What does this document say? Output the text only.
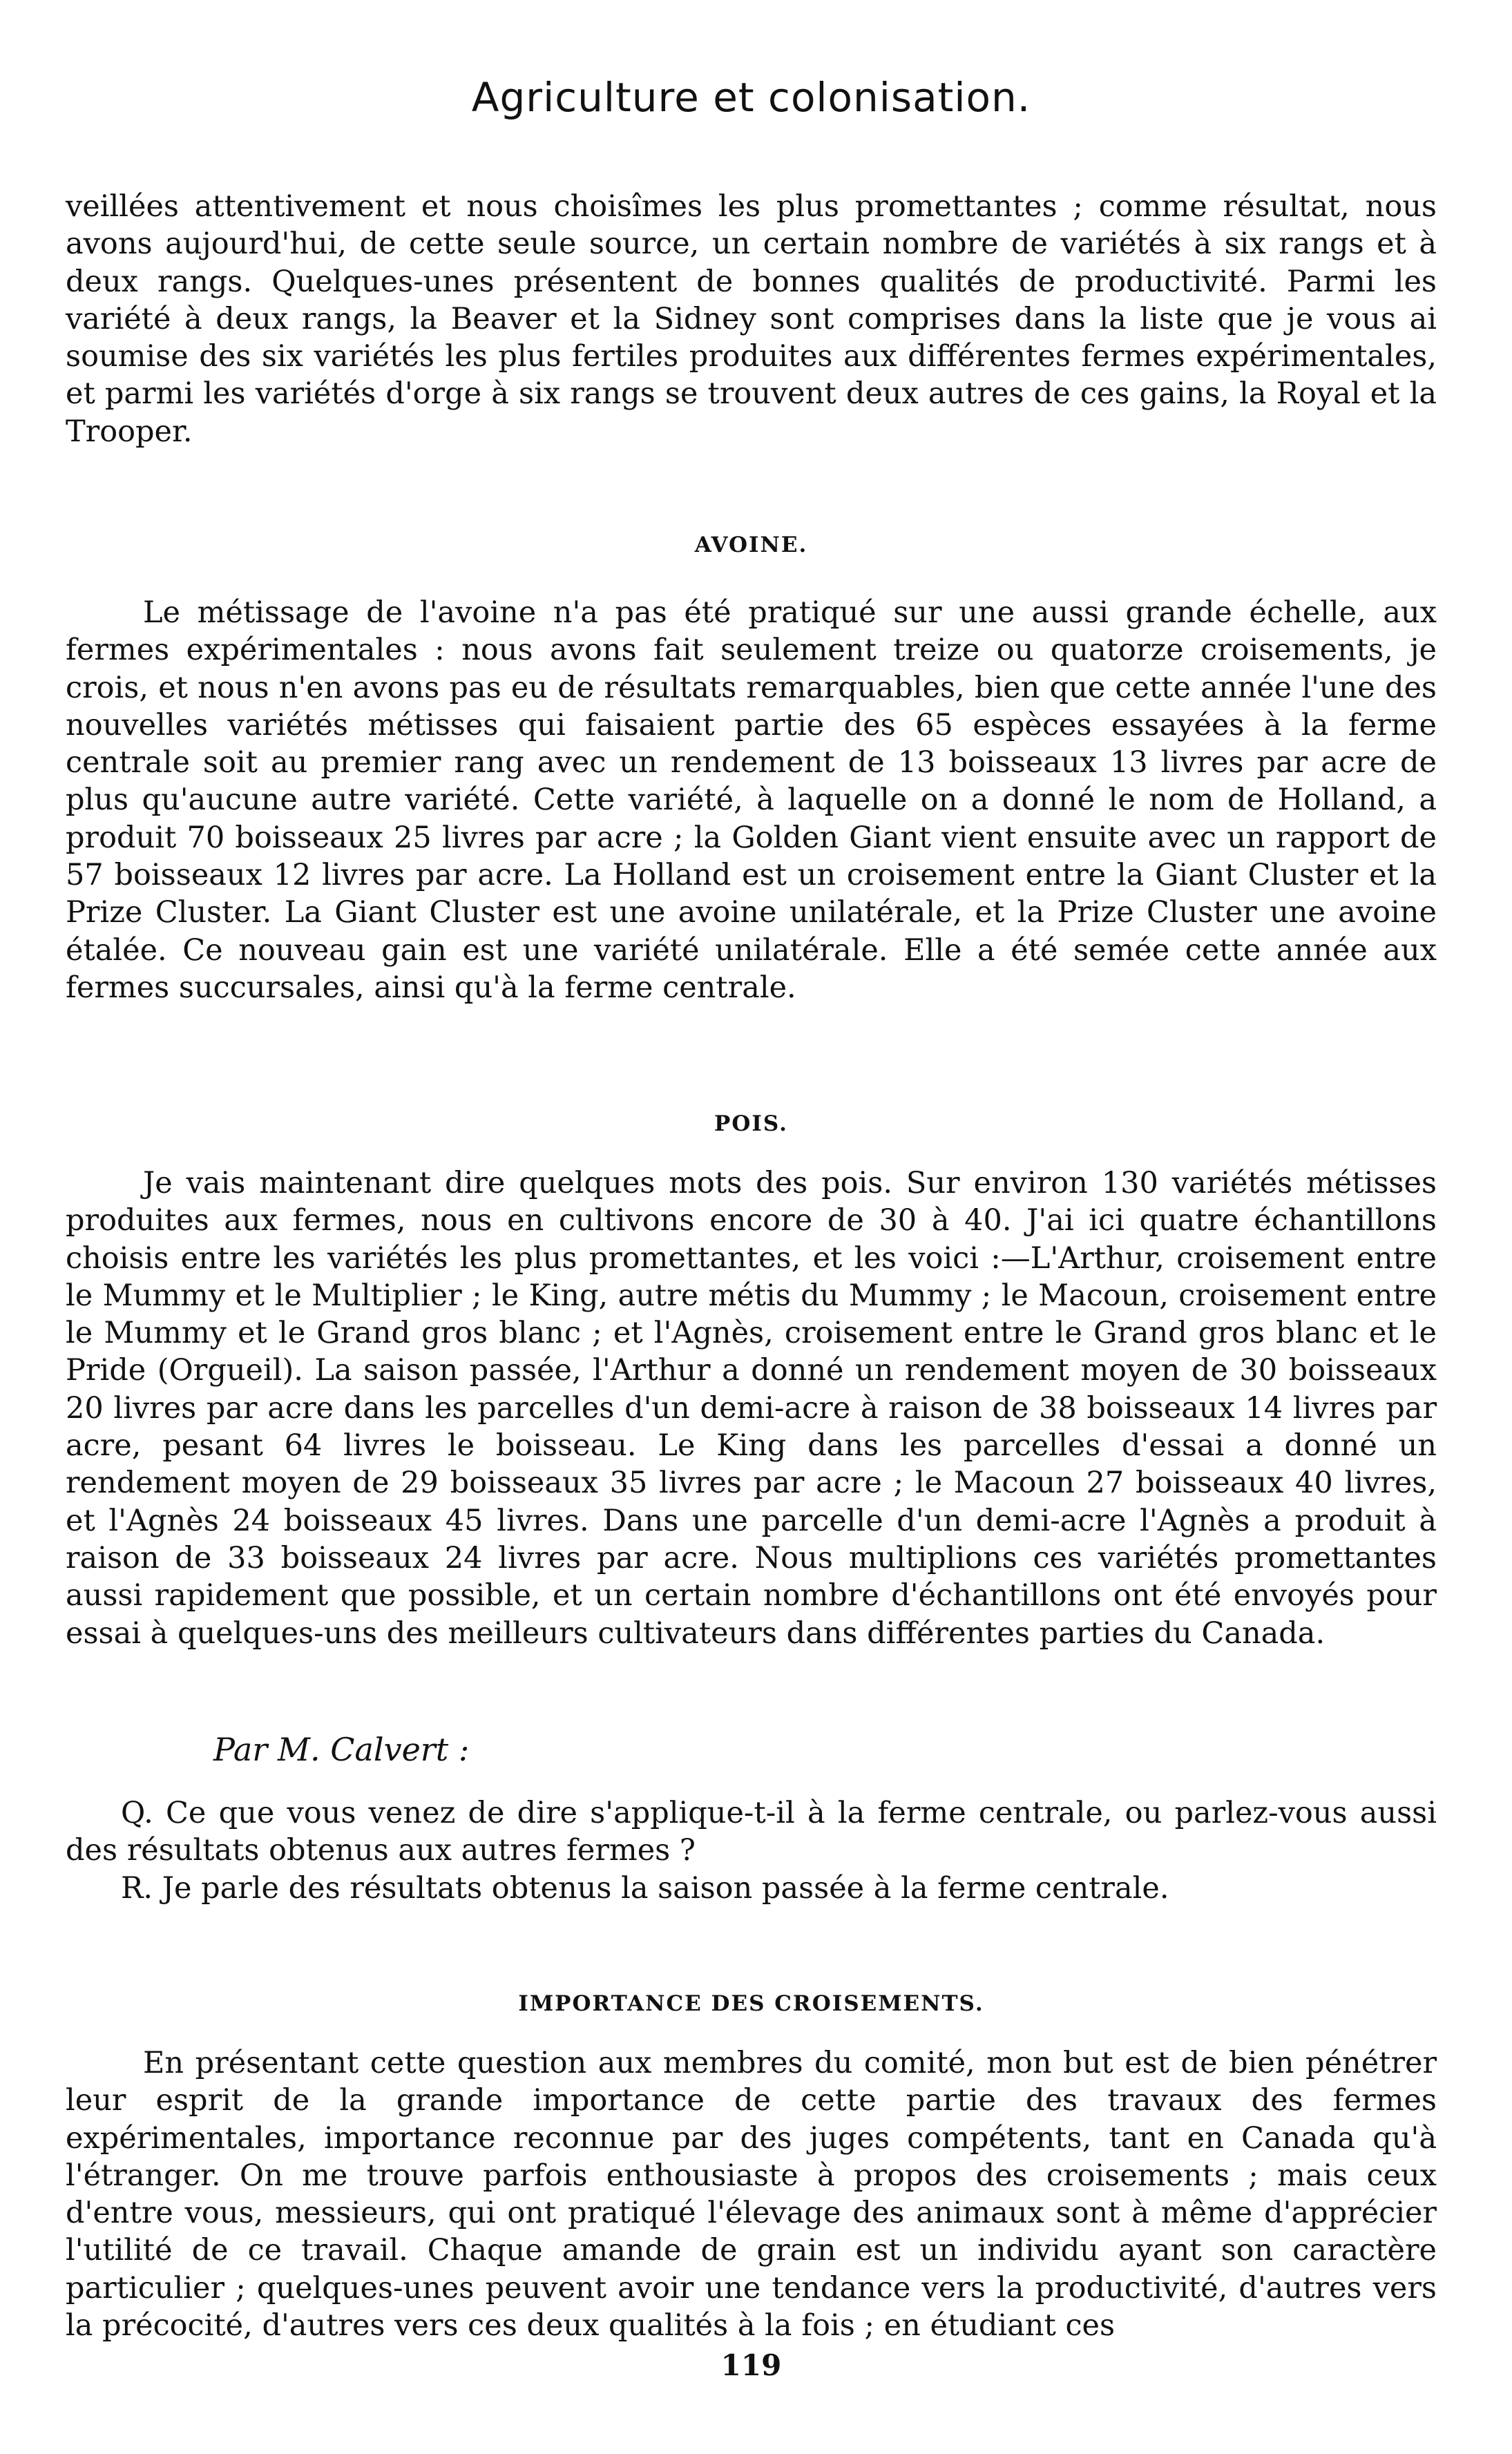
Agriculture et colonisation.

veillées attentivement et nous choisîmes les plus promettantes ; comme résultat, nous avons aujourd'hui, de cette seule source, un certain nombre de variétés à six rangs et à deux rangs. Quelques-unes présentent de bonnes qualités de productivité. Parmi les variété à deux rangs, la Beaver et la Sidney sont comprises dans la liste que je vous ai soumise des six variétés les plus fertiles produites aux différentes fermes expérimentales, et parmi les variétés d'orge à six rangs se trouvent deux autres de ces gains, la Royal et la Trooper.

AVOINE.

Le métissage de l'avoine n'a pas été pratiqué sur une aussi grande échelle, aux fermes expérimentales : nous avons fait seulement treize ou quatorze croisements, je crois, et nous n'en avons pas eu de résultats remarquables, bien que cette année l'une des nouvelles variétés métisses qui faisaient partie des 65 espèces essayées à la ferme centrale soit au premier rang avec un rendement de 13 boisseaux 13 livres par acre de plus qu'aucune autre variété. Cette variété, à laquelle on a donné le nom de Holland, a produit 70 boisseaux 25 livres par acre ; la Golden Giant vient ensuite avec un rapport de 57 boisseaux 12 livres par acre. La Holland est un croisement entre la Giant Cluster et la Prize Cluster. La Giant Cluster est une avoine unilatérale, et la Prize Cluster une avoine étalée. Ce nouveau gain est une variété unilatérale. Elle a été semée cette année aux fermes succursales, ainsi qu'à la ferme centrale.

POIS.

Je vais maintenant dire quelques mots des pois. Sur environ 130 variétés métisses produites aux fermes, nous en cultivons encore de 30 à 40. J'ai ici quatre échantillons choisis entre les variétés les plus promettantes, et les voici :—L'Arthur, croisement entre le Mummy et le Multiplier ; le King, autre métis du Mummy ; le Macoun, croisement entre le Mummy et le Grand gros blanc ; et l'Agnès, croisement entre le Grand gros blanc et le Pride (Orgueil). La saison passée, l'Arthur a donné un rendement moyen de 30 boisseaux 20 livres par acre dans les parcelles d'un demi-acre à raison de 38 boisseaux 14 livres par acre, pesant 64 livres le boisseau. Le King dans les parcelles d'essai a donné un rendement moyen de 29 boisseaux 35 livres par acre ; le Macoun 27 boisseaux 40 livres, et l'Agnès 24 boisseaux 45 livres. Dans une parcelle d'un demi-acre l'Agnès a produit à raison de 33 boisseaux 24 livres par acre. Nous multiplions ces variétés promettantes aussi rapidement que possible, et un certain nombre d'échantillons ont été envoyés pour essai à quelques-uns des meilleurs cultivateurs dans différentes parties du Canada.

Par M. Calvert :

Q. Ce que vous venez de dire s'applique-t-il à la ferme centrale, ou parlez-vous aussi des résultats obtenus aux autres fermes ?

R. Je parle des résultats obtenus la saison passée à la ferme centrale.

IMPORTANCE DES CROISEMENTS.

En présentant cette question aux membres du comité, mon but est de bien pénétrer leur esprit de la grande importance de cette partie des travaux des fermes expérimentales, importance reconnue par des juges compétents, tant en Canada qu'à l'étranger. On me trouve parfois enthousiaste à propos des croisements ; mais ceux d'entre vous, messieurs, qui ont pratiqué l'élevage des animaux sont à même d'apprécier l'utilité de ce travail. Chaque amande de grain est un individu ayant son caractère particulier ; quelques-unes peuvent avoir une tendance vers la productivité, d'autres vers la précocité, d'autres vers ces deux qualités à la fois ; en étudiant ces

119
